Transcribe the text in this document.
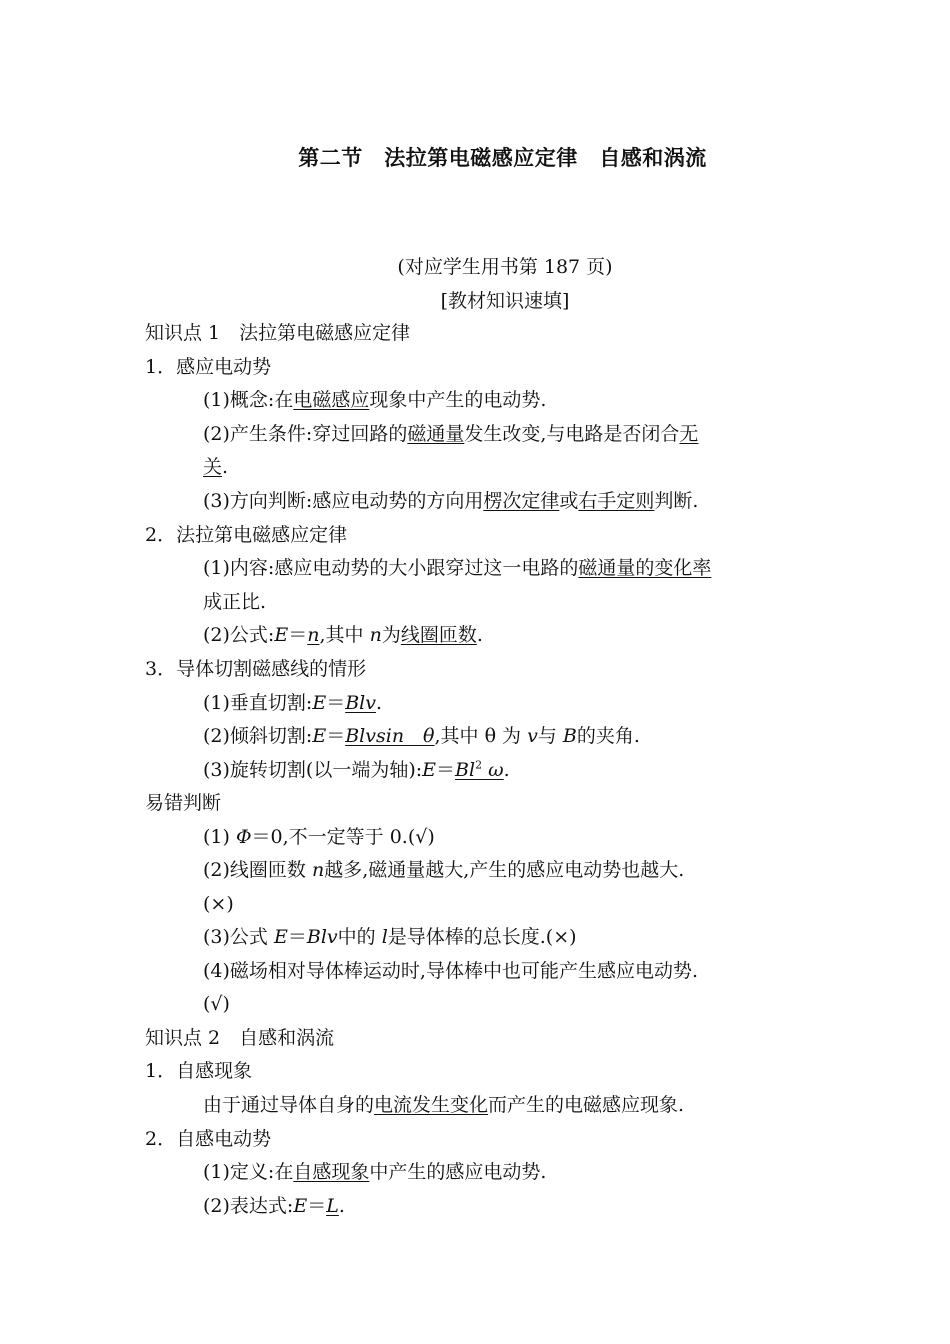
第二节　法拉第电磁感应定律　自感和涡流
(对应学生用书第 187 页)
[教材知识速填]
知识点 1　法拉第电磁感应定律
1．感应电动势
(1)概念:在电磁感应现象中产生的电动势.
(2)产生条件:穿过回路的磁通量发生改变,与电路是否闭合无
关.
(3)方向判断:感应电动势的方向用楞次定律或右手定则判断.
2．法拉第电磁感应定律
(1)内容:感应电动势的大小跟穿过这一电路的磁通量的变化率
成正比.
(2)公式:E＝n,其中 n为线圈匝数.
3．导体切割磁感线的情形
(1)垂直切割:E＝Blv.
(2)倾斜切割:E＝Blvsin　θ,其中 θ 为 v与 B的夹角.
(3)旋转切割(以一端为轴)$:E=Bl^2$ ω.
易错判断
(1) Φ＝0,不一定等于 0.(√)
(2)线圈匝数 n越多,磁通量越大,产生的感应电动势也越大.
(×)
(3)公式 E＝Blv中的 l是导体棒的总长度.(×)
(4)磁场相对导体棒运动时,导体棒中也可能产生感应电动势.
(√)
知识点 2　自感和涡流
1．自感现象
由于通过导体自身的电流发生变化而产生的电磁感应现象.
2．自感电动势
(1)定义:在自感现象中产生的感应电动势.
(2)表达式:E＝L.
